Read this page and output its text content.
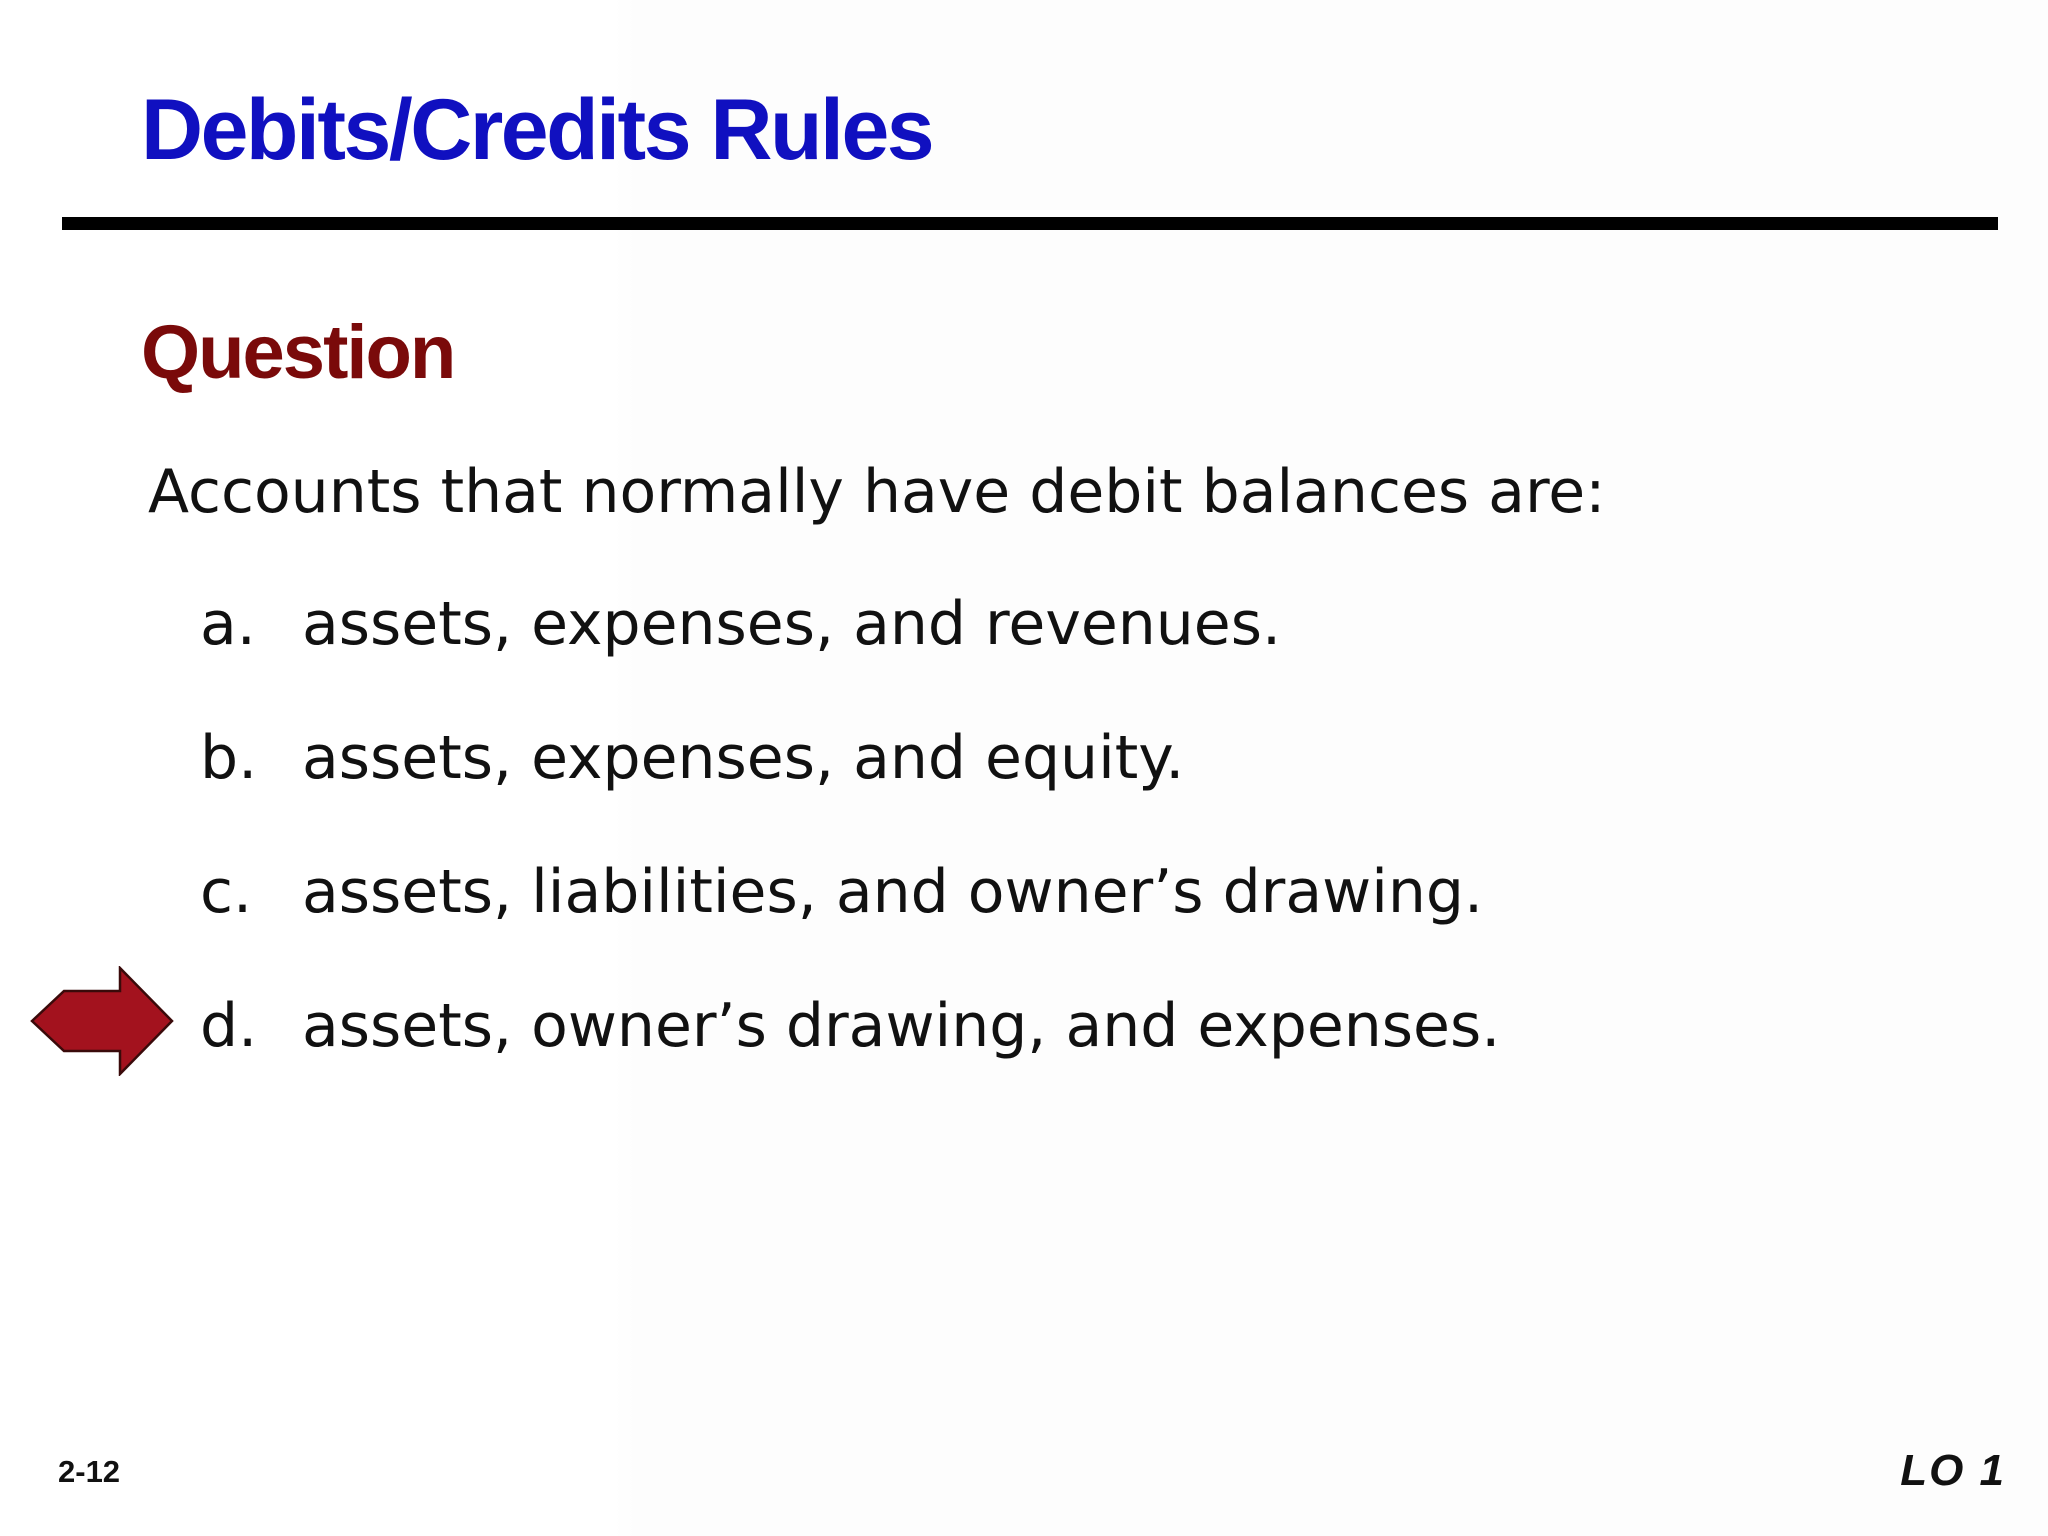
Debits/Credits Rules
Question
Accounts that normally have debit balances are:
a. assets, expenses, and revenues.
b. assets, expenses, and equity.
c. assets, liabilities, and owner’s drawing.
d. assets, owner’s drawing, and expenses.
2-12	LO 1
